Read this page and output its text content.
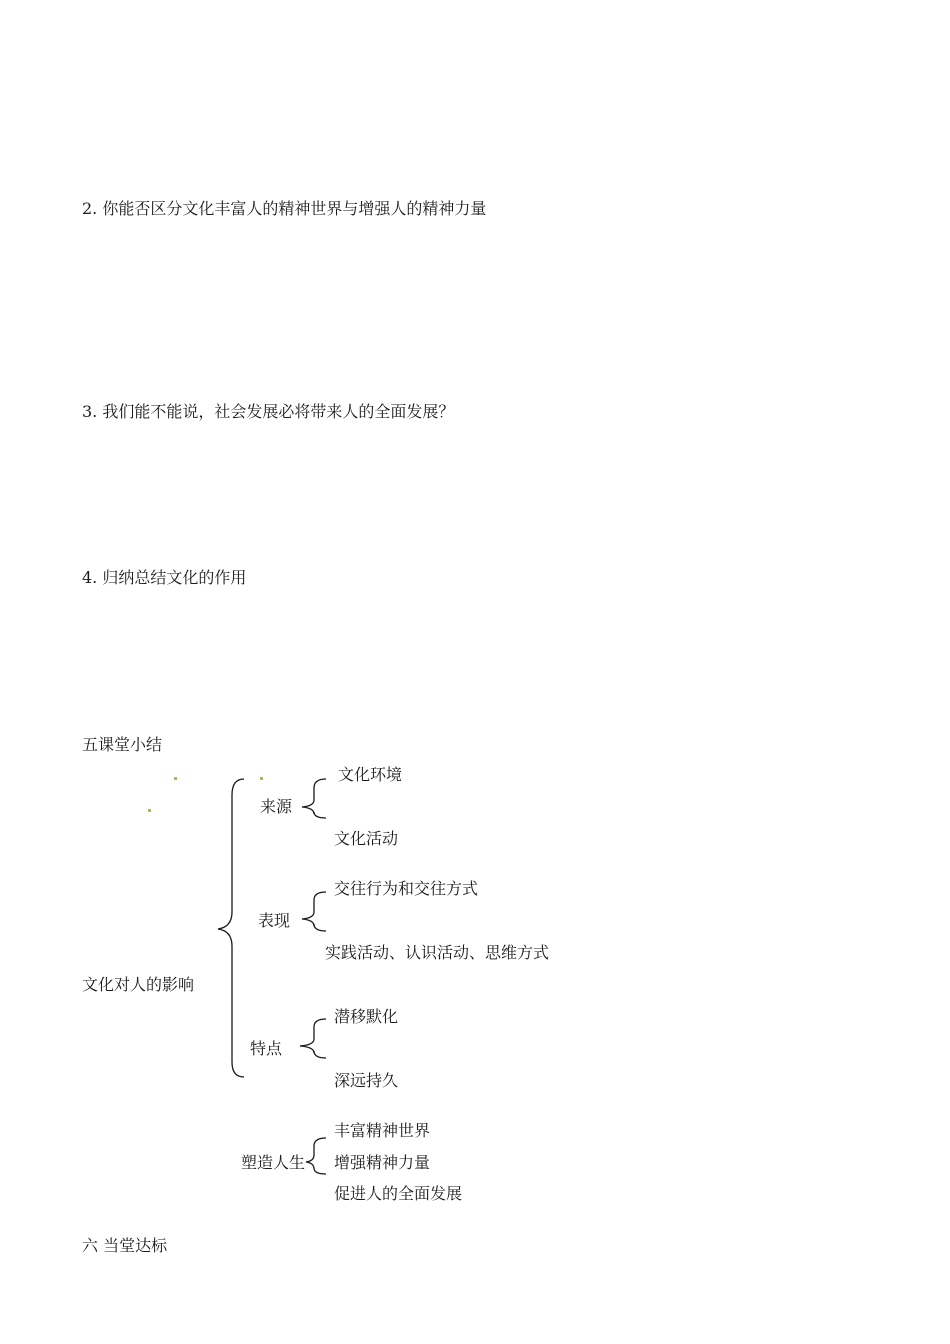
2. 你能否区分文化丰富人的精神世界与增强人的精神力量
3. 我们能不能说，社会发展必将带来人的全面发展？
4. 归纳总结文化的作用
五课堂小结
文化对人的影响
来源
文化环境
文化活动
表现
交往行为和交往方式
实践活动、认识活动、思维方式
特点
潜移默化
深远持久
塑造人生
丰富精神世界
增强精神力量
促进人的全面发展
六 当堂达标
